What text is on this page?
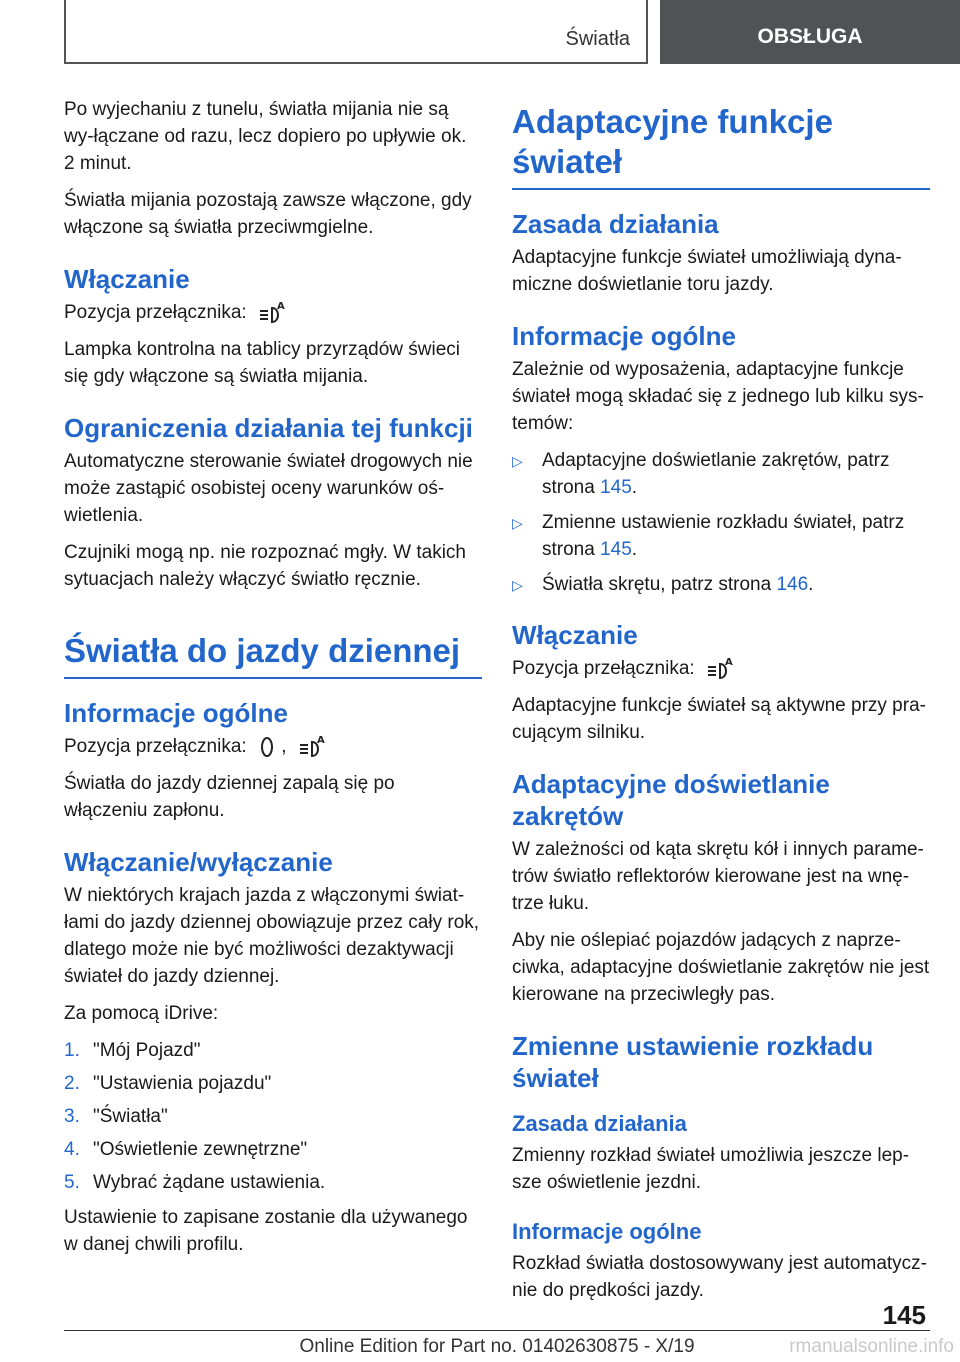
Światła	OBSŁUGA

Po wyjechaniu z tunelu, światła mijania nie są wy‐łączane od razu, lecz dopiero po upływie ok. 2 minut.

Światła mijania pozostają zawsze włączone, gdy włączone są światła przeciwmgielne.

Włączanie

Pozycja przełącznika:	A

Lampka kontrolna na tablicy przyrządów świeci się gdy włączone są światła mijania.

Ograniczenia działania tej funkcji

Automatyczne sterowanie świateł drogowych nie może zastąpić osobistej oceny warunków oś‐wietlenia.

Czujniki mogą np. nie rozpoznać mgły. W takich sytuacjach należy włączyć światło ręcznie.

Światła do jazdy dziennej
Informacje ogólne

Pozycja przełącznika: ,	A

Światła do jazdy dziennej zapalą się po włączeniu zapłonu.

Włączanie/wyłączanie

W niektórych krajach jazda z włączonymi świat‐łami do jazdy dziennej obowiązuje przez cały rok, dlatego może nie być możliwości dezaktywacji świateł do jazdy dziennej.

Za pomocą iDrive:

1. "Mój Pojazd"
2. "Ustawienia pojazdu"
3. "Światła"
4. "Oświetlenie zewnętrzne"
5. Wybrać żądane ustawienia.

Ustawienie to zapisane zostanie dla używanego w danej chwili profilu.

Adaptacyjne funkcje świateł
Zasada działania

Adaptacyjne funkcje świateł umożliwiają dyna‐miczne doświetlanie toru jazdy.

Informacje ogólne

Zależnie od wyposażenia, adaptacyjne funkcje świateł mogą składać się z jednego lub kilku sys‐temów:

▷	Adaptacyjne doświetlanie zakrętów, patrz strona 145.
▷	Zmienne ustawienie rozkładu świateł, patrz strona 145.
▷	Światła skrętu, patrz strona 146.
Włączanie

Pozycja przełącznika:	A

Adaptacyjne funkcje świateł są aktywne przy pra‐cującym silniku.

Adaptacyjne doświetlanie zakrętów

W zależności od kąta skrętu kół i innych parame‐trów światło reflektorów kierowane jest na wnę‐trze łuku.

Aby nie oślepiać pojazdów jadących z naprze‐ciwka, adaptacyjne doświetlanie zakrętów nie jest kierowane na przeciwległy pas.

Zmienne ustawienie rozkładu świateł
Zasada działania

Zmienny rozkład świateł umożliwia jeszcze lep‐sze oświetlenie jezdni.

Informacje ogólne

Rozkład światła dostosowywany jest automatycz‐nie do prędkości jazdy.

145
Online Edition for Part no. 01402630875 - X/19	rmanualsonline.info
